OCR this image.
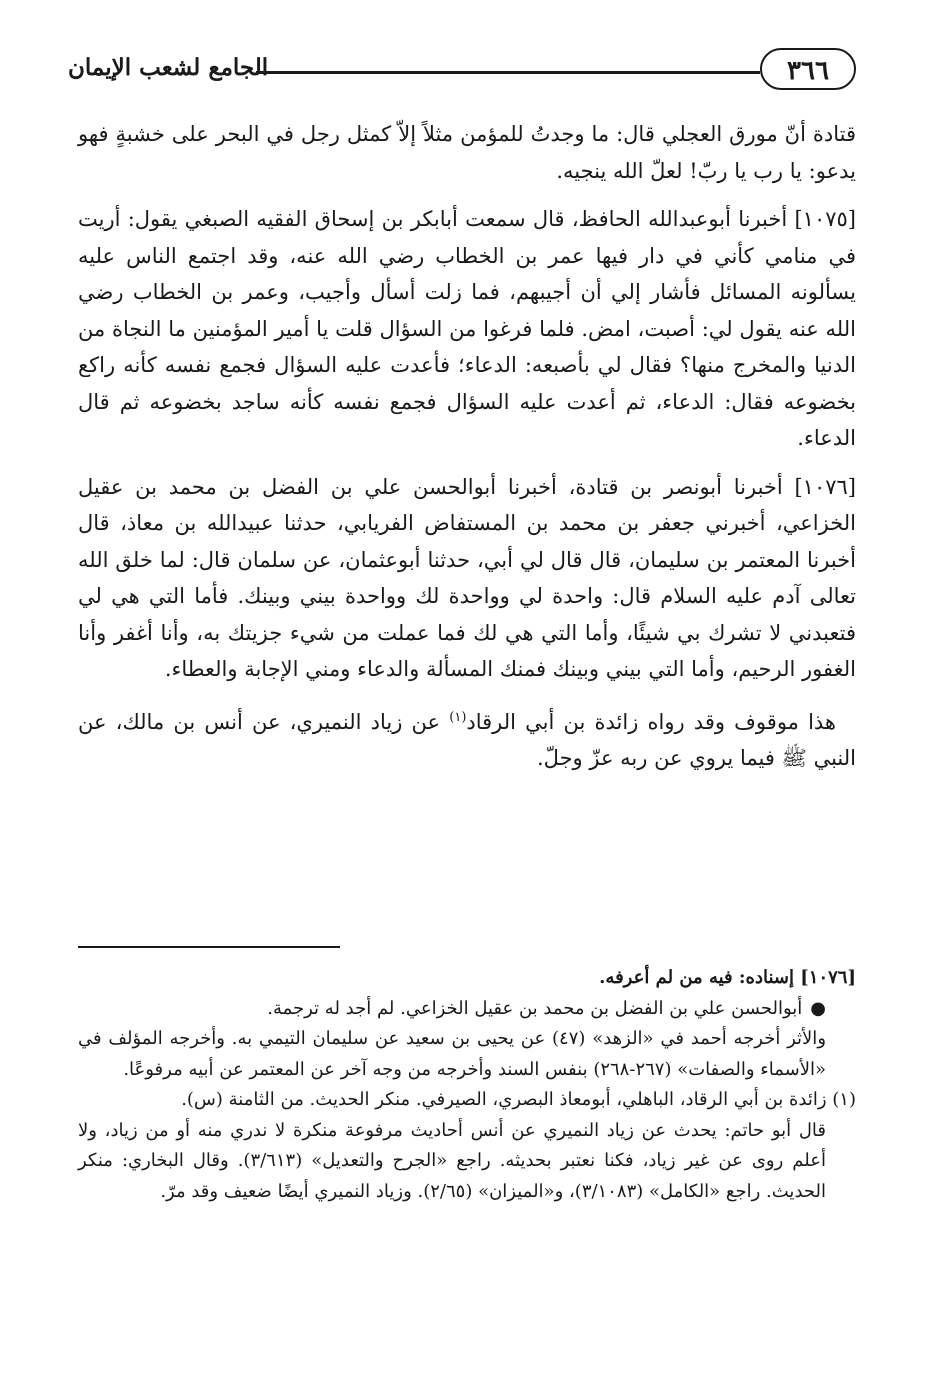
٣٦٦
الجامع لشعب الإيمان

قتادة أنّ مورق العجلي قال: ما وجدتُ للمؤمن مثلاً إلاّ كمثل رجل في البحر على خشبةٍ فهو يدعو: يا رب يا ربّ! لعلّ الله ينجيه.

[١٠٧٥] أخبرنا أبوعبدالله الحافظ، قال سمعت أبابكر بن إسحاق الفقيه الصبغي يقول: أريت في منامي كأني في دار فيها عمر بن الخطاب رضي الله عنه، وقد اجتمع الناس عليه يسألونه المسائل فأشار إلي أن أجيبهم، فما زلت أسأل وأجيب، وعمر بن الخطاب رضي الله عنه يقول لي: أصبت، امض. فلما فرغوا من السؤال قلت يا أمير المؤمنين ما النجاة من الدنيا والمخرج منها؟ فقال لي بأصبعه: الدعاء؛ فأعدت عليه السؤال فجمع نفسه كأنه راكع بخضوعه فقال: الدعاء، ثم أعدت عليه السؤال فجمع نفسه كأنه ساجد بخضوعه ثم قال الدعاء.

[١٠٧٦] أخبرنا أبونصر بن قتادة، أخبرنا أبوالحسن علي بن الفضل بن محمد بن عقيل الخزاعي، أخبرني جعفر بن محمد بن المستفاض الفريابي، حدثنا عبيدالله بن معاذ، قال أخبرنا المعتمر بن سليمان، قال قال لي أبي، حدثنا أبوعثمان، عن سلمان قال: لما خلق الله تعالى آدم عليه السلام قال: واحدة لي وواحدة لك وواحدة بيني وبينك. فأما التي هي لي فتعبدني لا تشرك بي شيئًا، وأما التي هي لك فما عملت من شيء جزيتك به، وأنا أغفر وأنا الغفور الرحيم، وأما التي بيني وبينك فمنك المسألة والدعاء ومني الإجابة والعطاء.

هذا موقوف وقد رواه زائدة بن أبي الرقاد$^{(١)}$ عن زياد النميري، عن أنس بن مالك، عن النبي ﷺ فيما يروي عن ربه عزّ وجلّ.

[١٠٧٦] إسناده: فيه من لم أعرفه.

●أبوالحسن علي بن الفضل بن محمد بن عقيل الخزاعي. لم أجد له ترجمة.

والأثر أخرجه أحمد في «الزهد» (٤٧) عن يحيى بن سعيد عن سليمان التيمي به. وأخرجه المؤلف في «الأسماء والصفات» (٢٦٧-٢٦٨) بنفس السند وأخرجه من وجه آخر عن المعتمر عن أبيه مرفوعًا.

(١) زائدة بن أبي الرقاد، الباهلي، أبومعاذ البصري، الصيرفي. منكر الحديث. من الثامنة (س).

قال أبو حاتم: يحدث عن زياد النميري عن أنس أحاديث مرفوعة منكرة لا ندري منه أو من زياد، ولا أعلم روى عن غير زياد، فكنا نعتبر بحديثه. راجع «الجرح والتعديل» (٣/٦١٣). وقال البخاري: منكر الحديث. راجع «الكامل» (٣/١٠٨٣)، و«الميزان» (٢/٦٥). وزياد النميري أيضًا ضعيف وقد مرّ.
